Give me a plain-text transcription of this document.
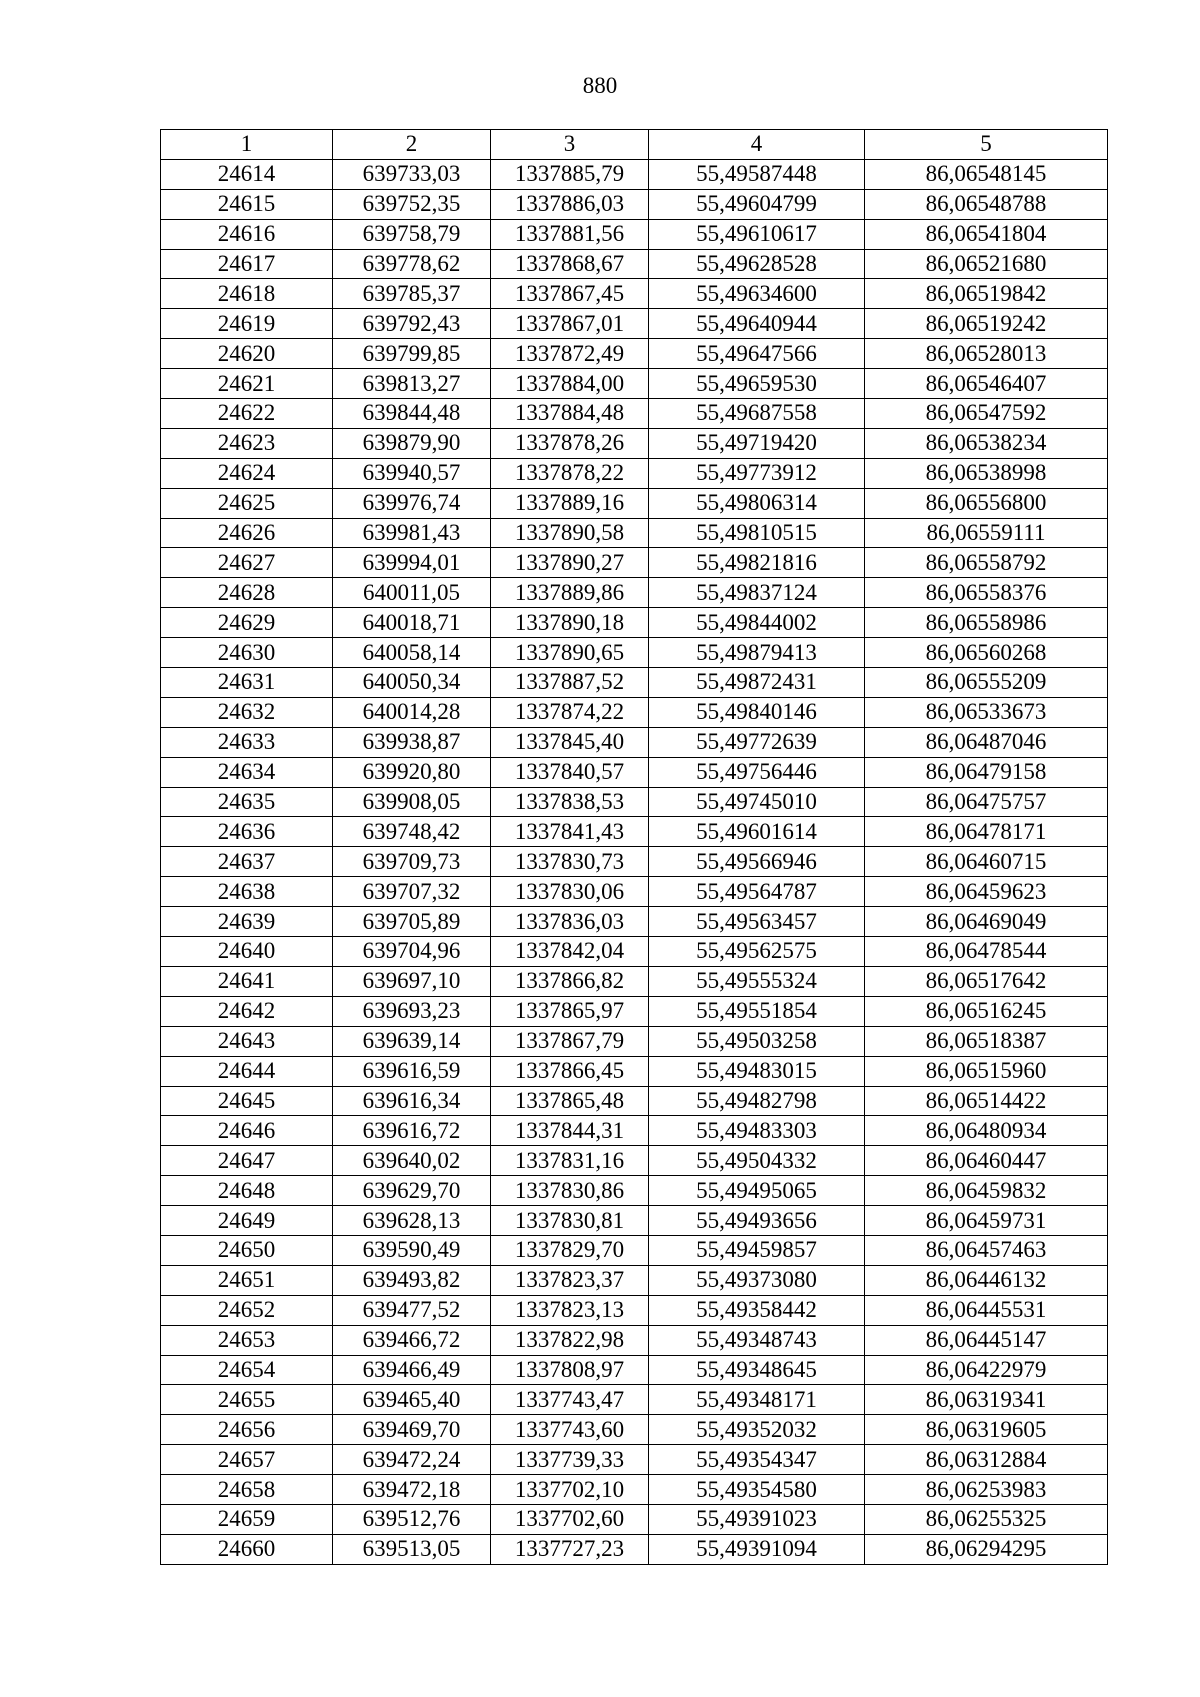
880
1	2	3	4	5
24614	639733,03	1337885,79	55,49587448	86,06548145
24615	639752,35	1337886,03	55,49604799	86,06548788
24616	639758,79	1337881,56	55,49610617	86,06541804
24617	639778,62	1337868,67	55,49628528	86,06521680
24618	639785,37	1337867,45	55,49634600	86,06519842
24619	639792,43	1337867,01	55,49640944	86,06519242
24620	639799,85	1337872,49	55,49647566	86,06528013
24621	639813,27	1337884,00	55,49659530	86,06546407
24622	639844,48	1337884,48	55,49687558	86,06547592
24623	639879,90	1337878,26	55,49719420	86,06538234
24624	639940,57	1337878,22	55,49773912	86,06538998
24625	639976,74	1337889,16	55,49806314	86,06556800
24626	639981,43	1337890,58	55,49810515	86,06559111
24627	639994,01	1337890,27	55,49821816	86,06558792
24628	640011,05	1337889,86	55,49837124	86,06558376
24629	640018,71	1337890,18	55,49844002	86,06558986
24630	640058,14	1337890,65	55,49879413	86,06560268
24631	640050,34	1337887,52	55,49872431	86,06555209
24632	640014,28	1337874,22	55,49840146	86,06533673
24633	639938,87	1337845,40	55,49772639	86,06487046
24634	639920,80	1337840,57	55,49756446	86,06479158
24635	639908,05	1337838,53	55,49745010	86,06475757
24636	639748,42	1337841,43	55,49601614	86,06478171
24637	639709,73	1337830,73	55,49566946	86,06460715
24638	639707,32	1337830,06	55,49564787	86,06459623
24639	639705,89	1337836,03	55,49563457	86,06469049
24640	639704,96	1337842,04	55,49562575	86,06478544
24641	639697,10	1337866,82	55,49555324	86,06517642
24642	639693,23	1337865,97	55,49551854	86,06516245
24643	639639,14	1337867,79	55,49503258	86,06518387
24644	639616,59	1337866,45	55,49483015	86,06515960
24645	639616,34	1337865,48	55,49482798	86,06514422
24646	639616,72	1337844,31	55,49483303	86,06480934
24647	639640,02	1337831,16	55,49504332	86,06460447
24648	639629,70	1337830,86	55,49495065	86,06459832
24649	639628,13	1337830,81	55,49493656	86,06459731
24650	639590,49	1337829,70	55,49459857	86,06457463
24651	639493,82	1337823,37	55,49373080	86,06446132
24652	639477,52	1337823,13	55,49358442	86,06445531
24653	639466,72	1337822,98	55,49348743	86,06445147
24654	639466,49	1337808,97	55,49348645	86,06422979
24655	639465,40	1337743,47	55,49348171	86,06319341
24656	639469,70	1337743,60	55,49352032	86,06319605
24657	639472,24	1337739,33	55,49354347	86,06312884
24658	639472,18	1337702,10	55,49354580	86,06253983
24659	639512,76	1337702,60	55,49391023	86,06255325
24660	639513,05	1337727,23	55,49391094	86,06294295
